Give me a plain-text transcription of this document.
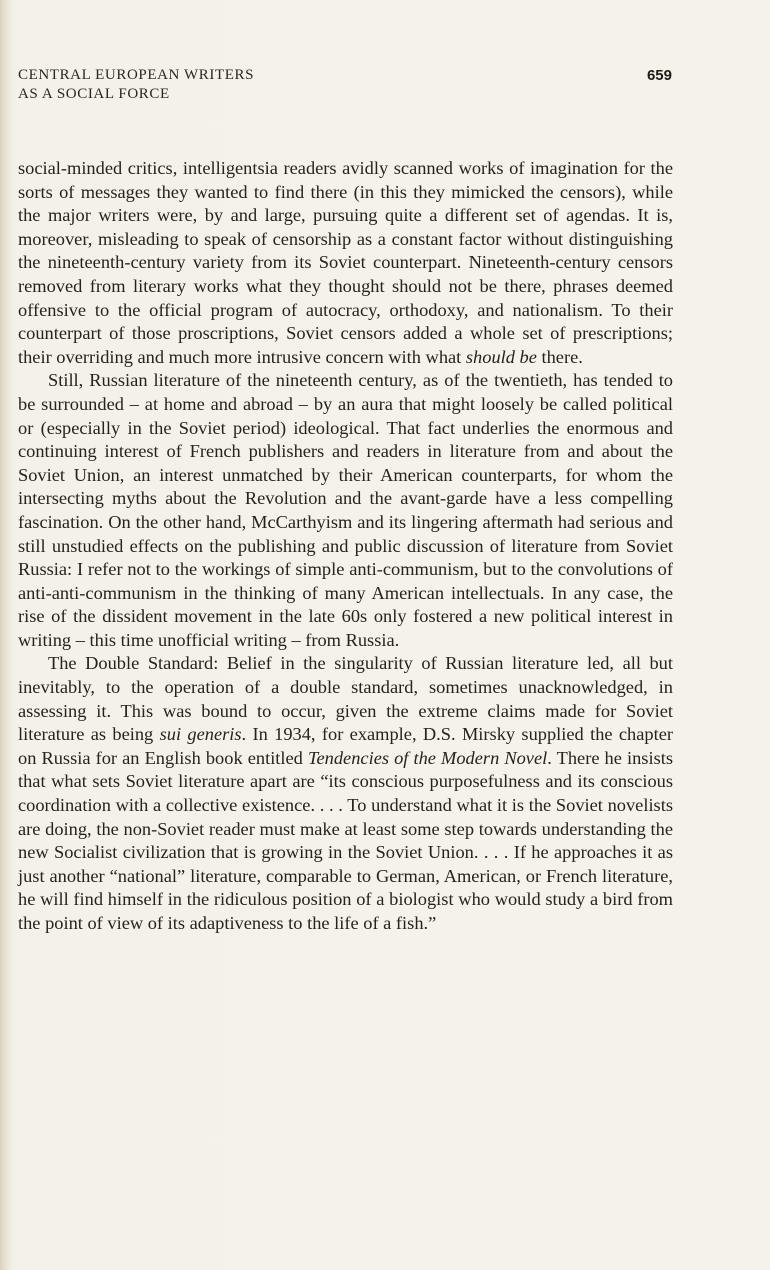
CENTRAL EUROPEAN WRITERS
AS A SOCIAL FORCE
659

social-minded critics, intelligentsia readers avidly scanned works of imagination for the sorts of messages they wanted to find there (in this they mimicked the censors), while the major writers were, by and large, pursuing quite a different set of agendas. It is, moreover, misleading to speak of censorship as a constant factor without distinguishing the nineteenth-century variety from its Soviet counterpart. Nineteenth-century censors removed from literary works what they thought should not be there, phrases deemed offensive to the official program of autocracy, orthodoxy, and nationalism. To their counterpart of those proscriptions, Soviet censors added a whole set of prescriptions; their overriding and much more intrusive concern with what should be there.

Still, Russian literature of the nineteenth century, as of the twentieth, has tended to be surrounded – at home and abroad – by an aura that might loosely be called political or (especially in the Soviet period) ideological. That fact underlies the enormous and continuing interest of French publishers and readers in literature from and about the Soviet Union, an interest unmatched by their American counterparts, for whom the intersecting myths about the Revolution and the avant-garde have a less compelling fascination. On the other hand, McCarthyism and its lingering aftermath had serious and still unstudied effects on the publishing and public discussion of literature from Soviet Russia: I refer not to the workings of simple anti-communism, but to the convolutions of anti-anti-communism in the thinking of many American intellectuals. In any case, the rise of the dissident movement in the late 60s only fostered a new political interest in writing – this time unofficial writing – from Russia.

The Double Standard: Belief in the singularity of Russian literature led, all but inevitably, to the operation of a double standard, sometimes unacknowledged, in assessing it. This was bound to occur, given the extreme claims made for Soviet literature as being sui generis. In 1934, for example, D.S. Mirsky supplied the chapter on Russia for an English book entitled Tendencies of the Modern Novel. There he insists that what sets Soviet literature apart are “its conscious purposefulness and its conscious coordination with a collective existence. . . . To understand what it is the Soviet novelists are doing, the non-Soviet reader must make at least some step towards understanding the new Socialist civilization that is growing in the Soviet Union. . . . If he approaches it as just another “national” literature, comparable to German, American, or French literature, he will find himself in the ridiculous position of a biologist who would study a bird from the point of view of its adaptiveness to the life of a fish.”
